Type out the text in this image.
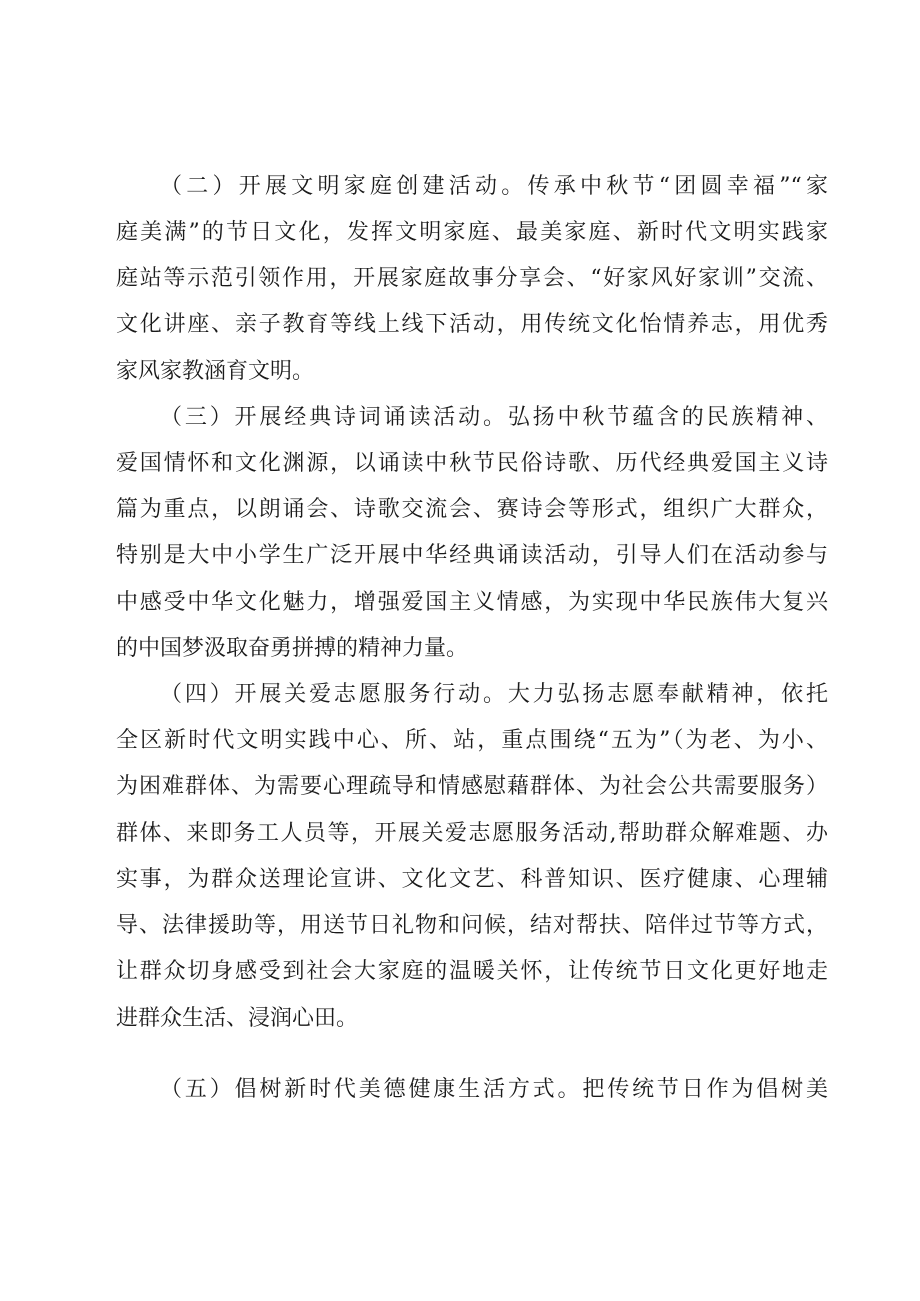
（二）开展文明家庭创建活动。传承中秋节“团圆幸福”“家

庭美满”的节日文化，发挥文明家庭、最美家庭、新时代文明实践家

庭站等示范引领作用，开展家庭故事分享会、“好家风好家训”交流、

文化讲座、亲子教育等线上线下活动，用传统文化怡情养志，用优秀

家风家教涵育文明。

（三）开展经典诗词诵读活动。弘扬中秋节蕴含的民族精神、

爱国情怀和文化渊源，以诵读中秋节民俗诗歌、历代经典爱国主义诗

篇为重点，以朗诵会、诗歌交流会、赛诗会等形式，组织广大群众，

特别是大中小学生广泛开展中华经典诵读活动，引导人们在活动参与

中感受中华文化魅力，增强爱国主义情感，为实现中华民族伟大复兴

的中国梦汲取奋勇拼搏的精神力量。

（四）开展关爱志愿服务行动。大力弘扬志愿奉献精神，依托

全区新时代文明实践中心、所、站，重点围绕“五为”（为老、为小、

为困难群体、为需要心理疏导和情感慰藉群体、为社会公共需要服务）

群体、来即务工人员等，开展关爱志愿服务活动,帮助群众解难题、办

实事，为群众送理论宣讲、文化文艺、科普知识、医疗健康、心理辅

导、法律援助等，用送节日礼物和问候，结对帮扶、陪伴过节等方式，

让群众切身感受到社会大家庭的温暖关怀，让传统节日文化更好地走

进群众生活、浸润心田。

（五）倡树新时代美德健康生活方式。把传统节日作为倡树美
